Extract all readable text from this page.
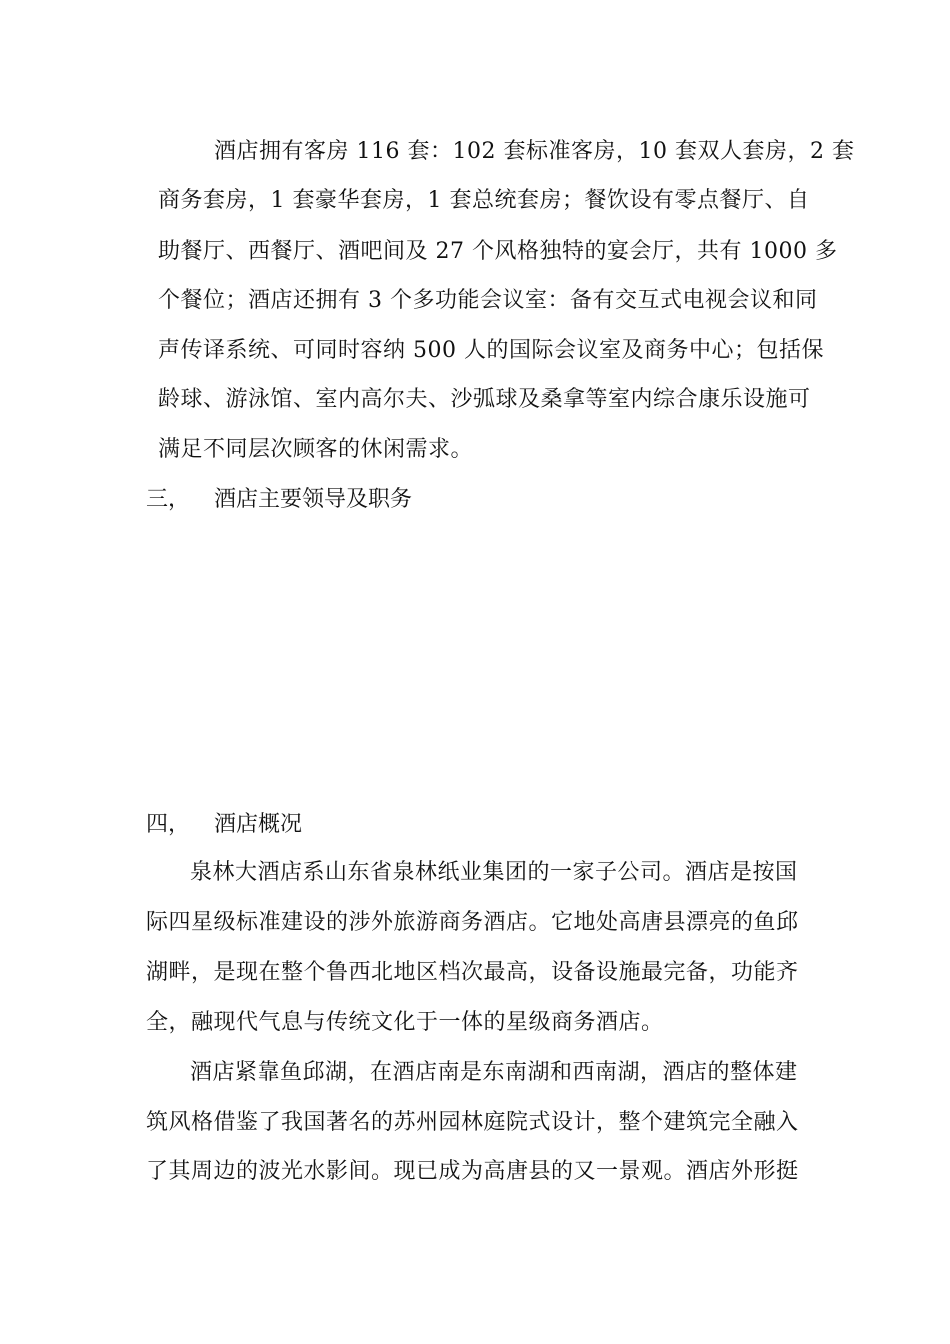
酒店拥有客房 116 套：102 套标准客房，10 套双人套房，2 套
商务套房，1 套豪华套房，1 套总统套房；餐饮设有零点餐厅、自
助餐厅、西餐厅、酒吧间及 27 个风格独特的宴会厅，共有 1000 多
个餐位；酒店还拥有 3 个多功能会议室：备有交互式电视会议和同
声传译系统、可同时容纳 500 人的国际会议室及商务中心；包括保
龄球、游泳馆、室内高尔夫、沙弧球及桑拿等室内综合康乐设施可
满足不同层次顾客的休闲需求。
三， 酒店主要领导及职务
四， 酒店概况
泉林大酒店系山东省泉林纸业集团的一家子公司。酒店是按国
际四星级标准建设的涉外旅游商务酒店。它地处高唐县漂亮的鱼邱
湖畔，是现在整个鲁西北地区档次最高，设备设施最完备，功能齐
全，融现代气息与传统文化于一体的星级商务酒店。
酒店紧靠鱼邱湖，在酒店南是东南湖和西南湖，酒店的整体建
筑风格借鉴了我国著名的苏州园林庭院式设计，整个建筑完全融入
了其周边的波光水影间。现已成为高唐县的又一景观。酒店外形挺
